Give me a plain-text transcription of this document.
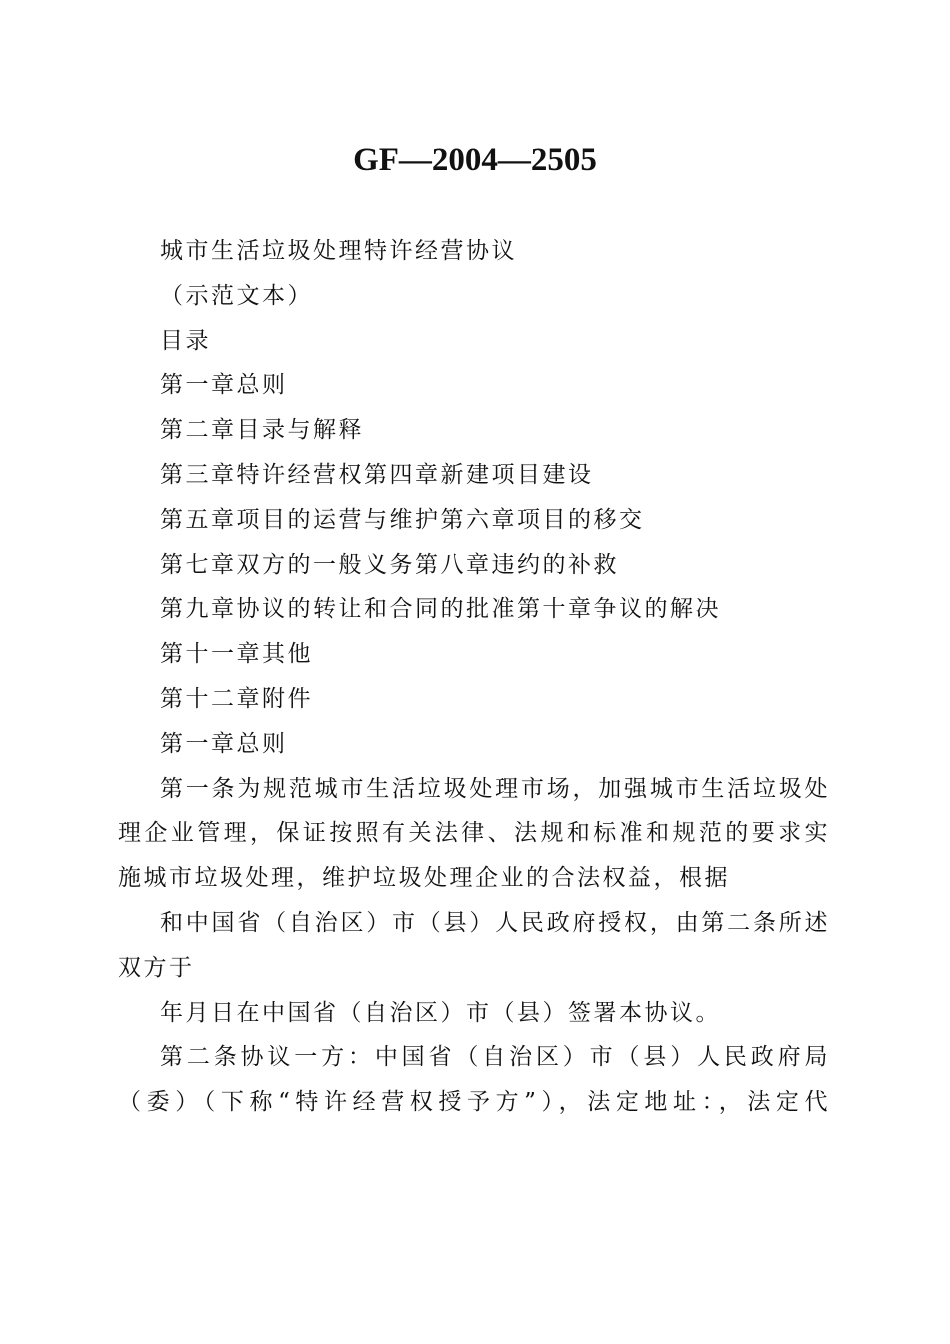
GF—2004—2505
城市生活垃圾处理特许经营协议
（示范文本）
目录
第一章总则
第二章目录与解释
第三章特许经营权第四章新建项目建设
第五章项目的运营与维护第六章项目的移交
第七章双方的一般义务第八章违约的补救
第九章协议的转让和合同的批准第十章争议的解决
第十一章其他
第十二章附件
第一章总则
第一条为规范城市生活垃圾处理市场，加强城市生活垃圾处
理企业管理，保证按照有关法律、法规和标准和规范的要求实
施城市垃圾处理，维护垃圾处理企业的合法权益，根据
和中国省（自治区）市（县）人民政府授权，由第二条所述
双方于
年月日在中国省（自治区）市（县）签署本协议。
第二条协议一方：中国省（自治区）市（县）人民政府局
（委）（下称“特许经营权授予方”），法定地址：，法定代
